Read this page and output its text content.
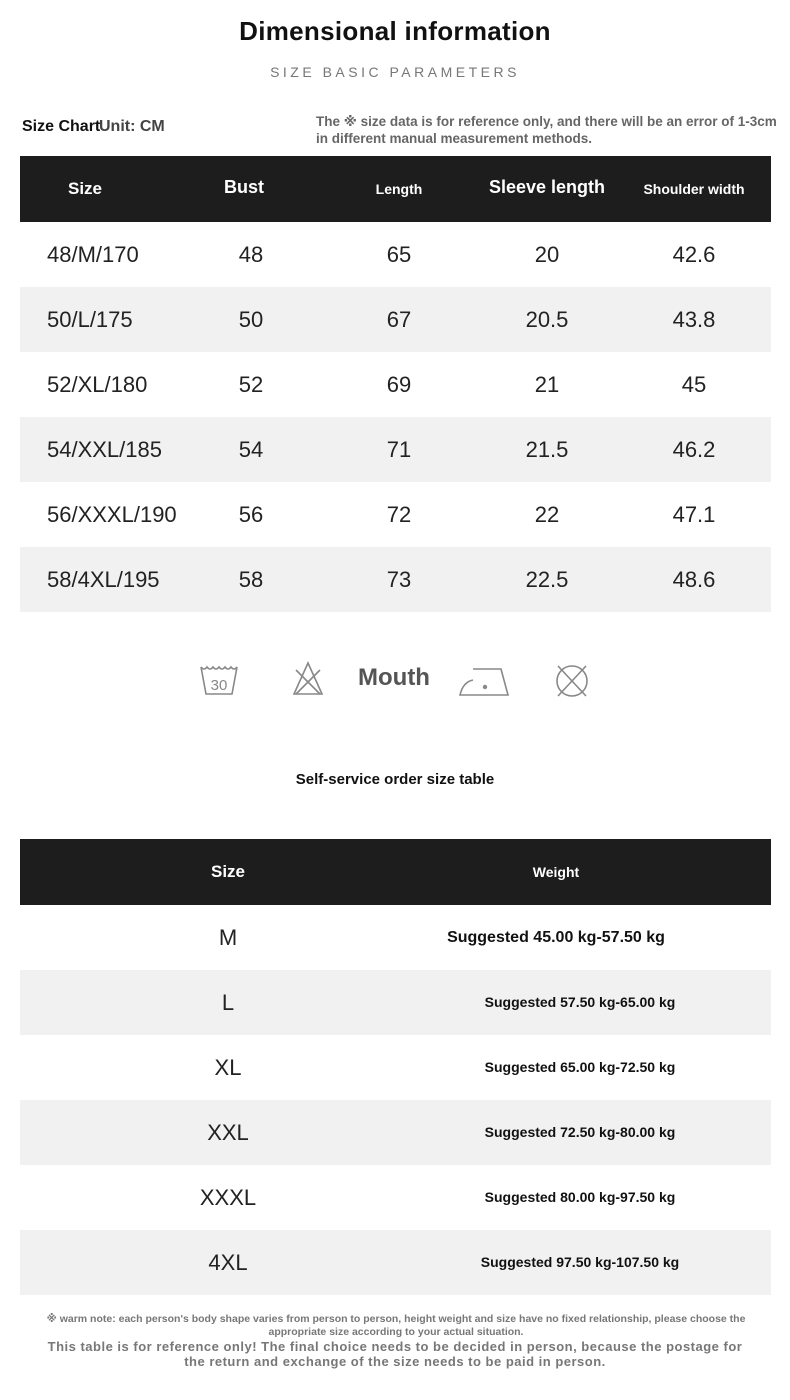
Dimensional information
SIZE BASIC PARAMETERS
Size Chart
Unit: CM	The ※ size data is for reference only, and there will be an error of 1-3cm in different manual measurement methods.
Size	Bust	Length	Sleeve length	Shoulder width
48/M/170	48	65	20	42.6
50/L/175	50	67	20.5	43.8
52/XL/180	52	69	21	45
54/XXL/185	54	71	21.5	46.2
56/XXXL/190	56	72	22	47.1
58/4XL/195	58	73	22.5	48.6
30	Mouth
Self-service order size table
Size	Weight
M	Suggested 45.00 kg-57.50 kg
L	Suggested 57.50 kg-65.00 kg
XL	Suggested 65.00 kg-72.50 kg
XXL	Suggested 72.50 kg-80.00 kg
XXXL	Suggested 80.00 kg-97.50 kg
4XL	Suggested 97.50 kg-107.50 kg
※ warm note: each person's body shape varies from person to person, height weight and size have no fixed relationship, please choose the appropriate size according to your actual situation.
This table is for reference only! The final choice needs to be decided in person, because the postage for the return and exchange of the size needs to be paid in person.
